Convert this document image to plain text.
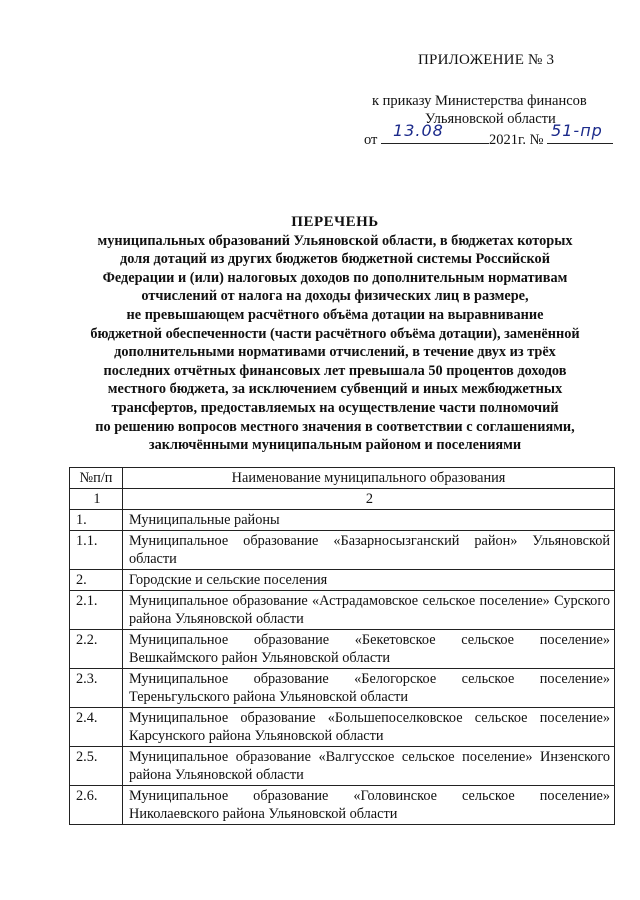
ПРИЛОЖЕНИЕ № 3
к приказу Министерства финансов
Ульяновской области
от 13.08	2021г. № 51-пр
ПЕРЕЧЕНЬ
муниципальных образований Ульяновской области, в бюджетах которых
доля дотаций из других бюджетов бюджетной системы Российской
Федерации и (или) налоговых доходов по дополнительным нормативам
отчислений от налога на доходы физических лиц в размере,
не превышающем расчётного объёма дотации на выравнивание
бюджетной обеспеченности (части расчётного объёма дотации), заменённой
дополнительными нормативами отчислений, в течение двух из трёх
последних отчётных финансовых лет превышала 50 процентов доходов
местного бюджета, за исключением субвенций и иных межбюджетных
трансфертов, предоставляемых на осуществление части полномочий
по решению вопросов местного значения в соответствии с соглашениями,
заключёнными муниципальным районом и поселениями
№п/п	Наименование муниципального образования
1	2
1.	Муниципальные районы
1.1.	Муниципальное образование «Базарносызганский район» Ульяновской области
2.	Городские и сельские поселения
2.1.	Муниципальное образование «Астрадамовское сельское поселение» Сурского района Ульяновской области
2.2.	Муниципальное образование «Бекетовское сельское поселение» Вешкаймского район Ульяновской области
2.3.	Муниципальное образование «Белогорское сельское поселение» Тереньгульского района Ульяновской области
2.4.	Муниципальное образование «Большепоселковское сельское поселение» Карсунского района Ульяновской области
2.5.	Муниципальное образование «Валгусское сельское поселение» Инзенского района Ульяновской области
2.6.	Муниципальное образование «Головинское сельское поселение» Николаевского района Ульяновской области
